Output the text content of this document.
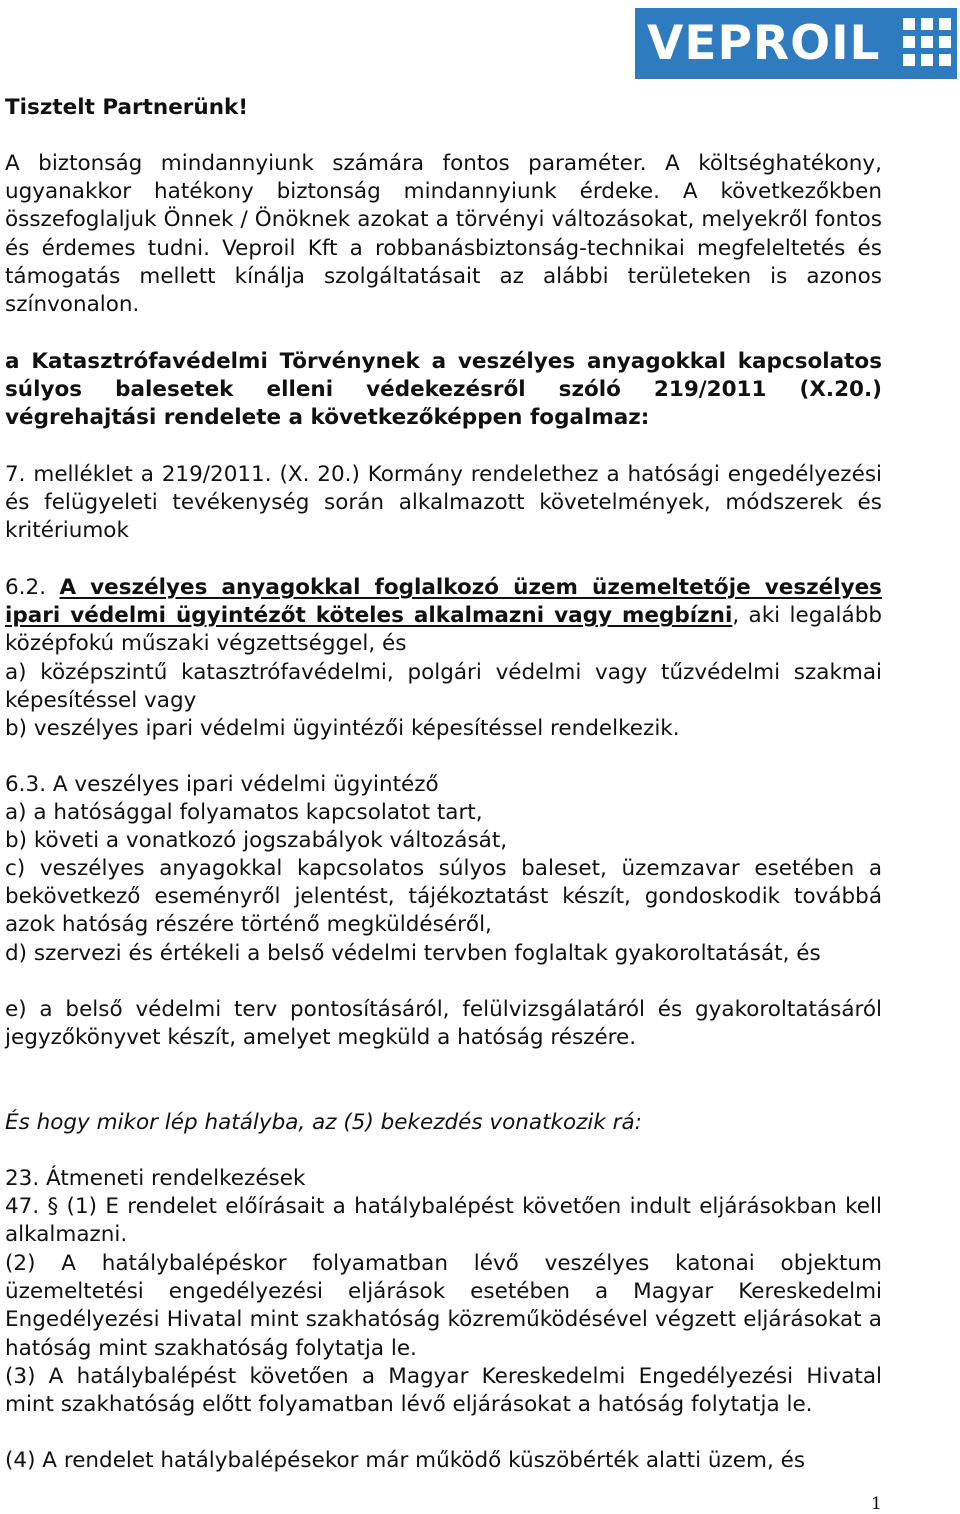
VEPROIL

Tisztelt Partnerünk!

A biztonság mindannyiunk számára fontos paraméter. A költséghatékony, ugyanakkor hatékony biztonság mindannyiunk érdeke. A következőkben összefoglaljuk Önnek / Önöknek azokat a törvényi változásokat, melyekről fontos és érdemes tudni. Veproil Kft a robbanásbiztonság-technikai megfeleltetés és támogatás mellett kínálja szolgáltatásait az alábbi területeken is azonos színvonalon.

a Katasztrófavédelmi Törvénynek a veszélyes anyagokkal kapcsolatos súlyos balesetek elleni védekezésről szóló 219/2011 (X.20.) végrehajtási rendelete a következőképpen fogalmaz:

7. melléklet a 219/2011. (X. 20.) Kormány rendelethez a hatósági engedélyezési és felügyeleti tevékenység során alkalmazott követelmények, módszerek és kritériumok

6.2. A veszélyes anyagokkal foglalkozó üzem üzemeltetője veszélyes ipari védelmi ügyintézőt köteles alkalmazni vagy megbízni, aki legalább középfokú műszaki végzettséggel, és

a) középszintű katasztrófavédelmi, polgári védelmi vagy tűzvédelmi szakmai képesítéssel vagy

b) veszélyes ipari védelmi ügyintézői képesítéssel rendelkezik.

6.3. A veszélyes ipari védelmi ügyintéző

a) a hatósággal folyamatos kapcsolatot tart,

b) követi a vonatkozó jogszabályok változását,

c) veszélyes anyagokkal kapcsolatos súlyos baleset, üzemzavar esetében a bekövetkező eseményről jelentést, tájékoztatást készít, gondoskodik továbbá azok hatóság részére történő megküldéséről,

d) szervezi és értékeli a belső védelmi tervben foglaltak gyakoroltatását, és

e) a belső védelmi terv pontosításáról, felülvizsgálatáról és gyakoroltatásáról jegyzőkönyvet készít, amelyet megküld a hatóság részére.

És hogy mikor lép hatályba, az (5) bekezdés vonatkozik rá:

23. Átmeneti rendelkezések

47. § (1) E rendelet előírásait a hatálybalépést követően indult eljárásokban kell alkalmazni.

(2) A hatálybalépéskor folyamatban lévő veszélyes katonai objektum üzemeltetési engedélyezési eljárások esetében a Magyar Kereskedelmi Engedélyezési Hivatal mint szakhatóság közreműködésével végzett eljárásokat a hatóság mint szakhatóság folytatja le.

(3) A hatálybalépést követően a Magyar Kereskedelmi Engedélyezési Hivatal mint szakhatóság előtt folyamatban lévő eljárásokat a hatóság folytatja le.

(4) A rendelet hatálybalépésekor már működő küszöbérték alatti üzem, és

1
